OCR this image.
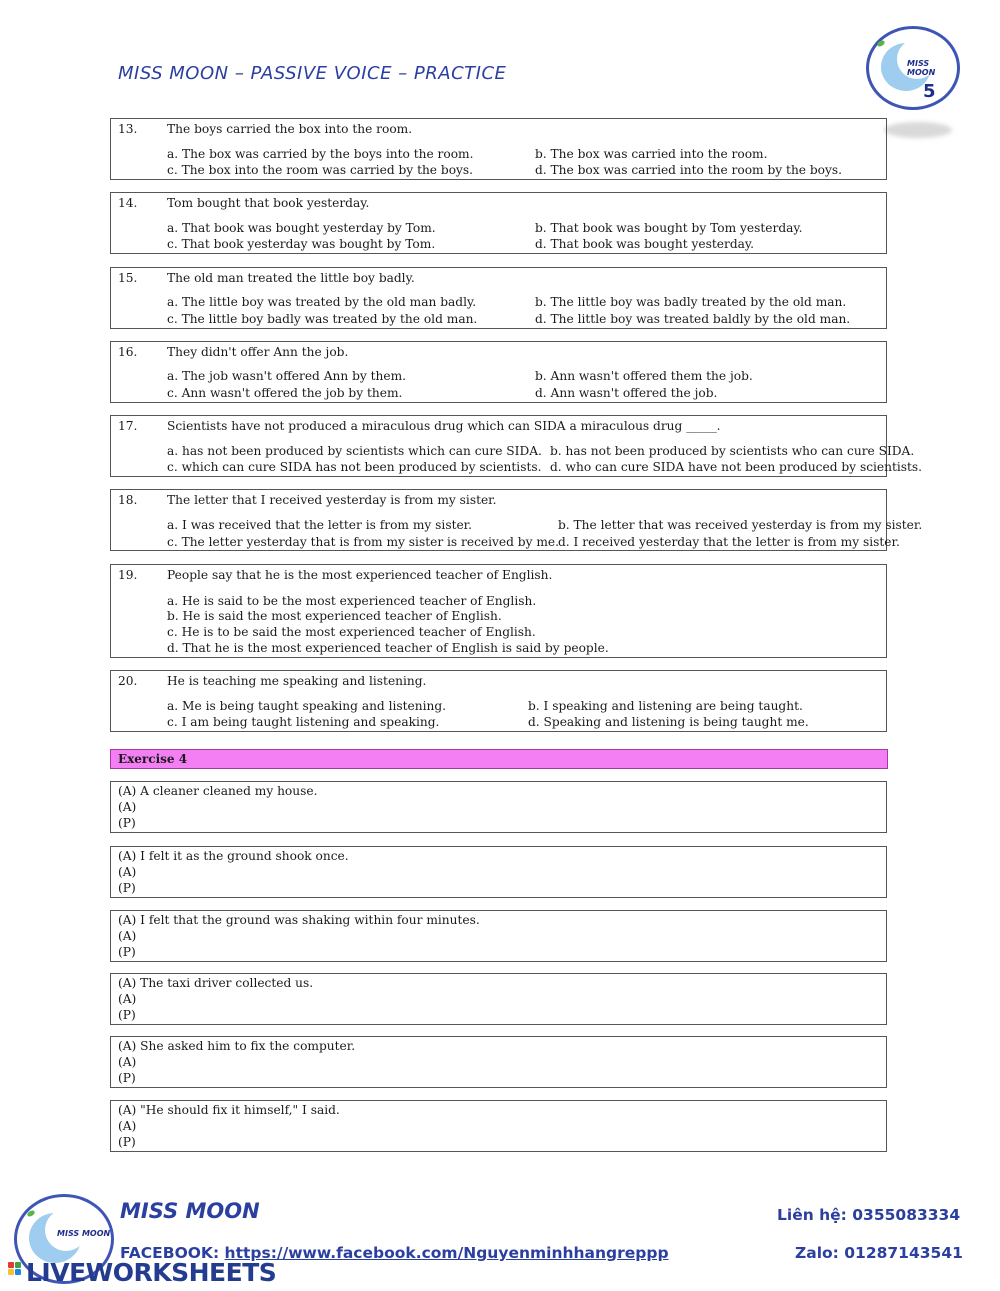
MISS MOON – PASSIVE VOICE – PRACTICE	MISS MOON
5
13. The boys carried the box into the room.
a. The box was carried by the boys into the room.	b. The box was carried into the room.
c. The box into the room was carried by the boys.	d. The box was carried into the room by the boys.
14. Tom bought that book yesterday.
a. That book was bought yesterday by Tom.	b. That book was bought by Tom yesterday.
c. That book yesterday was bought by Tom.	d. That book was bought yesterday.
15. The old man treated the little boy badly.
a. The little boy was treated by the old man badly.	b. The little boy was badly treated by the old man.
c. The little boy badly was treated by the old man.	d. The little boy was treated baldly by the old man.
16. They didn't offer Ann the job.
a. The job wasn't offered Ann by them.	b. Ann wasn't offered them the job.
c. Ann wasn't offered the job by them.	d. Ann wasn't offered the job.
17. Scientists have not produced a miraculous drug which can SIDA a miraculous drug _____.
a. has not been produced by scientists which can cure SIDA. b. has not been produced by scientists who can cure SIDA.
c. which can cure SIDA has not been produced by scientists. d. who can cure SIDA have not been produced by scientists.
18. The letter that I received yesterday is from my sister.
a. I was received that the letter is from my sister.	b. The letter that was received yesterday is from my sister.
c. The letter yesterday that is from my sister is received by me. d. I received yesterday that the letter is from my sister.
19. People say that he is the most experienced teacher of English.
a. He is said to be the most experienced teacher of English.
b. He is said the most experienced teacher of English.
c. He is to be said the most experienced teacher of English.
d. That he is the most experienced teacher of English is said by people.
20. He is teaching me speaking and listening.
a. Me is being taught speaking and listening.	b. I speaking and listening are being taught.
c. I am being taught listening and speaking.	d. Speaking and listening is being taught me.
Exercise 4
(A) A cleaner cleaned my house.
(A)
(P)
(A) I felt it as the ground shook once.
(A)
(P)
(A) I felt that the ground was shaking within four minutes.
(A)
(P)
(A) The taxi driver collected us.
(A)
(P)
(A) She asked him to fix the computer.
(A)
(P)
(A) "He should fix it himself," I said.
(A)
(P)
MISS MOON
MISS MOON	Liên hệ: 0355083334
FACEBOOK: https://www.facebook.com/Nguyenminhhangreppp	Zalo: 01287143541
LIVEWORKSHEETS
